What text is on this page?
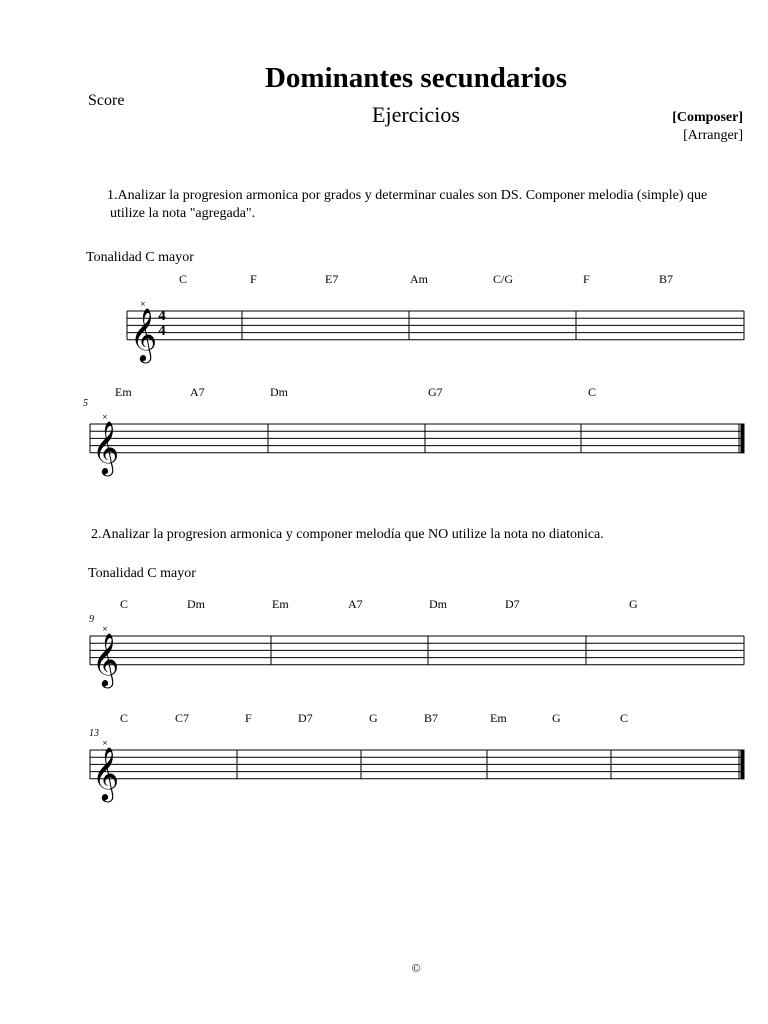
Dominantes secundarios
Ejercicios
Score
[Composer]
[Arranger]
1.Analizar la progresion armonica por grados y determinar cuales son DS. Componer melodia (simple) que
utilize la nota "agregada".
Tonalidad C mayor
C	F	E7	Am	C/G	F	B7
5
Em	A7	Dm	G7	C
2.Analizar la progresion armonica y componer melodía que NO utilize la nota no diatonica.
Tonalidad C mayor
9
C	Dm	Em	A7	Dm	D7	G
13
C	C7	F	D7	G	B7	Em	G	C
𝄞
×
𝄞
×
𝄞
×
𝄞
×
4
4
©
